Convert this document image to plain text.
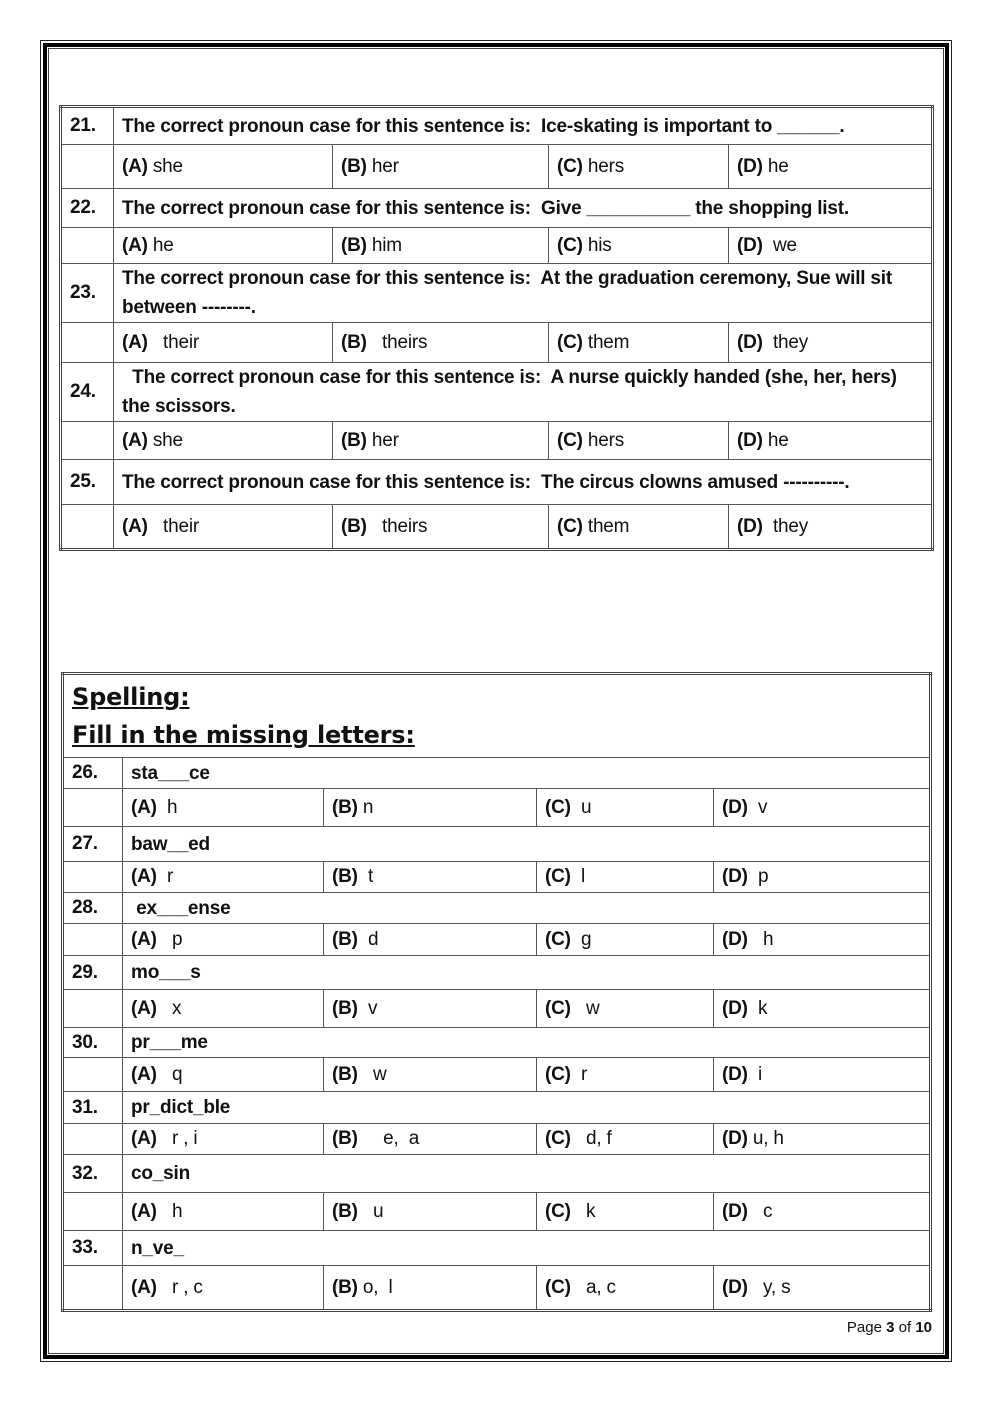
21.	The correct pronoun case for this sentence is:  Ice-skating is important to ______.			
	(A) she	(B) her	(C) hers	(D) he
22.	The correct pronoun case for this sentence is:  Give __________ the shopping list.			
	(A) he	(B) him	(C) his	(D)  we
23.	The correct pronoun case for this sentence is:  At the graduation ceremony, Sue will sit between --------.			
	(A)   their	(B)   theirs	(C) them	(D)  they
24.	The correct pronoun case for this sentence is:  A nurse quickly handed (she, her, hers) the scissors.			
	(A) she	(B) her	(C) hers	(D) he
25.	The correct pronoun case for this sentence is:  The circus clowns amused ----------.			
	(A)   their	(B)   theirs	(C) them	(D)  they
Spelling:
Fill in the missing letters:				

26.	sta___ce			
	(A)  h	(B) n	(C)  u	(D)  v
27.	baw__ed			
	(A)  r	(B)  t	(C)  l	(D)  p
28.	ex___ense			
	(A)   p	(B)  d	(C)  g	(D)   h
29.	mo___s			
	(A)   x	(B)  v	(C)   w	(D)  k
30.	pr___me			
	(A)   q	(B)   w	(C)  r	(D)  i
31.	pr_dict_ble			
	(A)   r , i	(B)     e,  a	(C)   d, f	(D) u, h
32.	co_sin			
	(A)   h	(B)   u	(C)   k	(D)   c
33.	n_ve_			
	(A)   r , c	(B) o,  l	(C)   a, c	(D)   y, s
Page 3 of 10
